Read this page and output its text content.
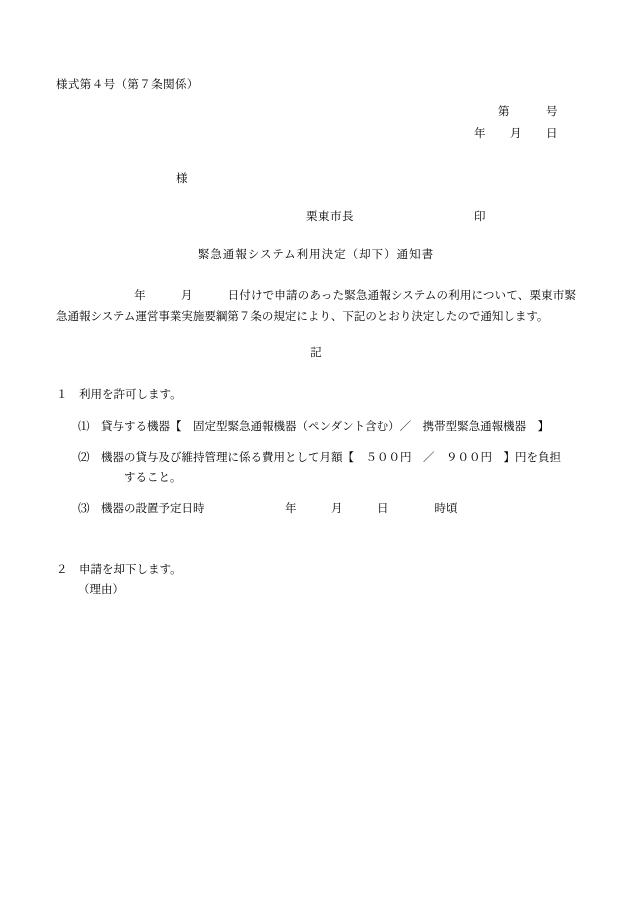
様式第４号（第７条関係）
第　　　号
年　　月　　日
様
栗東市長	印
緊急通報システム利用決定（却下）通知書
年　　　月　　　日付けで申請のあった緊急通報システムの利用について、栗東市緊急通報システム運営事業実施要綱第７条の規定により、下記のとおり決定したので通知します。
記
１　 利用を許可します。
⑴　 貸与する機器【　固定型緊急通報機器（ペンダント含む）／　携帯型緊急通報機器　】
⑵　 機器の貸与及び維持管理に係る費用として月額【　５００円　／　９００円　】円を負担
すること。
⑶　 機器の設置予定日時　　　　　　　年　　　月　　　日　　　　時頃
２　 申請を却下します。
（理由）
